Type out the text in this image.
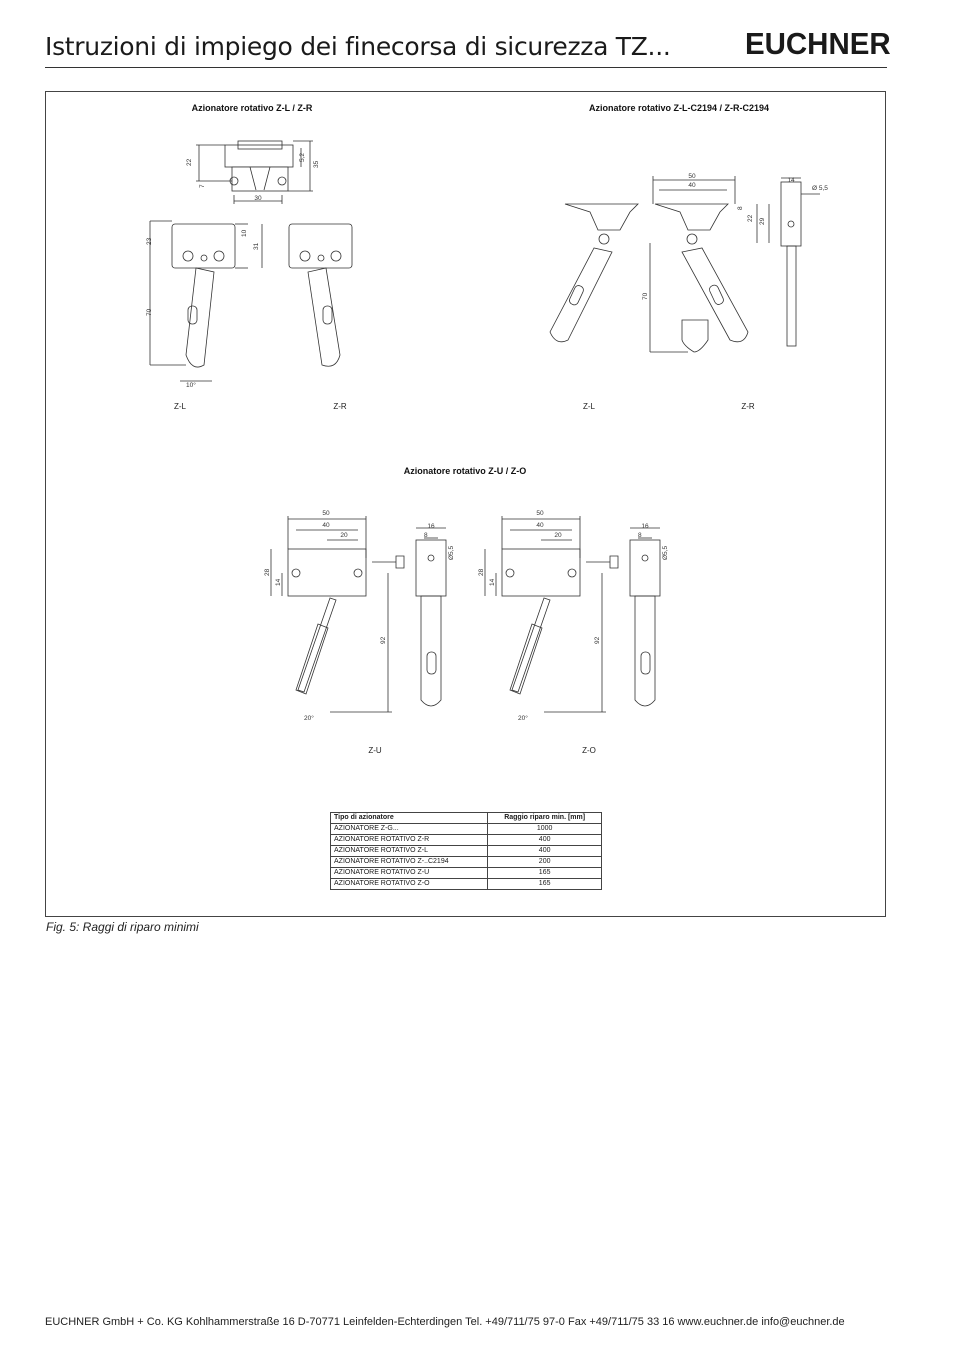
Istruzioni di impiego dei finecorsa di sicurezza TZ... EUCHNER
Azionatore rotativo Z-L / Z-R	Azionatore rotativo Z-L-C2194 / Z-R-C2194
Azionatore rotativo Z-U / Z-O
22
7
30
5,2
35
23
10
31
70
10°
Z-L	Z-R
50
40
14
Ø 5,5
22 29
70
8
Z-L	Z-R
50
40
20
16
8
Ø5,5
28
14
92
20°
50
40
20
16
8
Ø5,5
28
14
92
20°
Z-U	Z-O
Tipo di azionatore	Raggio riparo min. [mm]
AZIONATORE Z-G...	1000
AZIONATORE ROTATIVO Z-R	400
AZIONATORE ROTATIVO Z-L	400
AZIONATORE ROTATIVO Z-..C2194	200
AZIONATORE ROTATIVO Z-U	165
AZIONATORE ROTATIVO Z-O	165
Fig. 5: Raggi di riparo minimi
EUCHNER GmbH + Co. KG Kohlhammerstraße 16 D-70771 Leinfelden-Echterdingen Tel. +49/711/75 97-0 Fax +49/711/75 33 16 www.euchner.de info@euchner.de
